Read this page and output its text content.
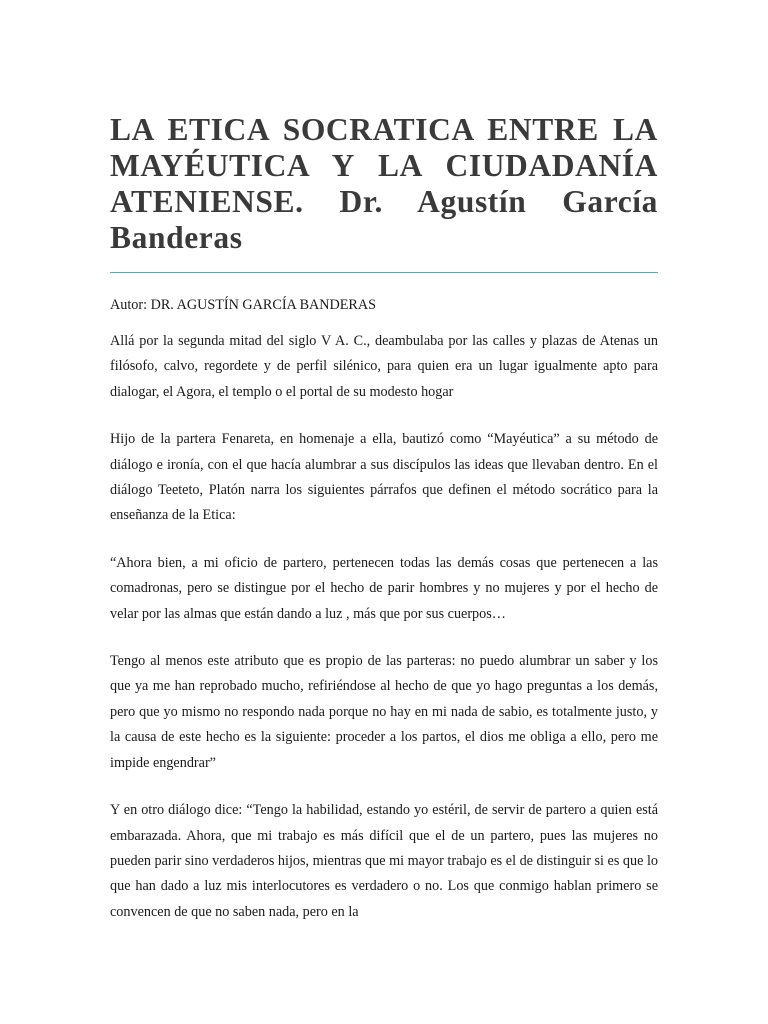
LA ETICA SOCRATICA ENTRE LA MAYÉUTICA Y LA CIUDADANÍA ATENIENSE. Dr. Agustín García Banderas

Autor: DR. AGUSTÍN GARCÍA BANDERAS

Allá por la segunda mitad del siglo V A. C., deambulaba por las calles y plazas de Atenas un filósofo, calvo, regordete y de perfil silénico, para quien era un lugar igualmente apto para dialogar, el Agora, el templo o el portal de su modesto hogar

Hijo de la partera Fenareta, en homenaje a ella, bautizó como “Mayéutica” a su método de diálogo e ironía, con el que hacía alumbrar a sus discípulos las ideas que llevaban dentro. En el diálogo Teeteto, Platón narra los siguientes párrafos que definen el método socrático para la enseñanza de la Etica:

“Ahora bien, a mi oficio de partero, pertenecen todas las demás cosas que pertenecen a las comadronas, pero se distingue por el hecho de parir hombres y no mujeres y por el hecho de velar por las almas que están dando a luz , más que por sus cuerpos…

Tengo al menos este atributo que es propio de las parteras: no puedo alumbrar un saber y los que ya me han reprobado mucho, refiriéndose al hecho de que yo hago preguntas a los demás, pero que yo mismo no respondo nada porque no hay en mi nada de sabio, es totalmente justo, y la causa de este hecho es la siguiente: proceder a los partos, el dios me obliga a ello, pero me impide engendrar”

Y en otro diálogo dice: “Tengo la habilidad, estando yo estéril, de servir de partero a quien está embarazada. Ahora, que mi trabajo es más difícil que el de un partero, pues las mujeres no pueden parir sino verdaderos hijos, mientras que mi mayor trabajo es el de distinguir si es que lo que han dado a luz mis interlocutores es verdadero o no. Los que conmigo hablan primero se convencen de que no saben nada, pero en la
